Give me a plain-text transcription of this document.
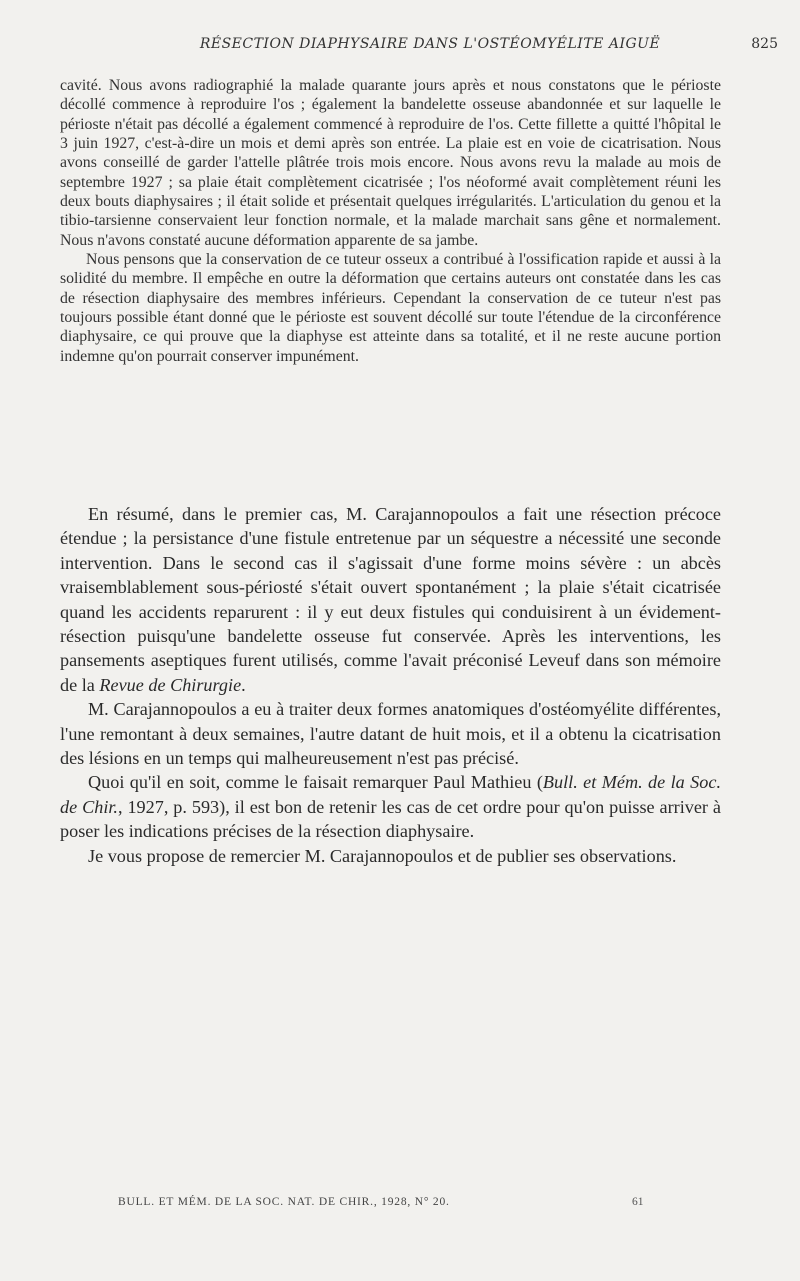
RÉSECTION DIAPHYSAIRE DANS L'OSTÉOMYÉLITE AIGUË	825

cavité. Nous avons radiographié la malade quarante jours après et nous constatons que le périoste décollé commence à reproduire l'os ; également la bandelette osseuse abandonnée et sur laquelle le périoste n'était pas décollé a également commencé à reproduire de l'os. Cette fillette a quitté l'hôpital le 3 juin 1927, c'est-à-dire un mois et demi après son entrée. La plaie est en voie de cicatrisation. Nous avons conseillé de garder l'attelle plâtrée trois mois encore. Nous avons revu la malade au mois de septembre 1927 ; sa plaie était complètement cicatrisée ; l'os néoformé avait complètement réuni les deux bouts diaphysaires ; il était solide et présentait quelques irrégularités. L'articulation du genou et la tibio-tarsienne conservaient leur fonction normale, et la malade marchait sans gêne et normalement. Nous n'avons constaté aucune déformation apparente de sa jambe.

Nous pensons que la conservation de ce tuteur osseux a contribué à l'ossification rapide et aussi à la solidité du membre. Il empêche en outre la déformation que certains auteurs ont constatée dans les cas de résection diaphysaire des membres inférieurs. Cependant la conservation de ce tuteur n'est pas toujours possible étant donné que le périoste est souvent décollé sur toute l'étendue de la circonférence diaphysaire, ce qui prouve que la diaphyse est atteinte dans sa totalité, et il ne reste aucune portion indemne qu'on pourrait conserver impunément.

En résumé, dans le premier cas, M. Carajannopoulos a fait une résection précoce étendue ; la persistance d'une fistule entretenue par un séquestre a nécessité une seconde intervention. Dans le second cas il s'agissait d'une forme moins sévère : un abcès vraisemblablement sous-périosté s'était ouvert spontanément ; la plaie s'était cicatrisée quand les accidents reparurent : il y eut deux fistules qui conduisirent à un évidement-résection puisqu'une bandelette osseuse fut conservée. Après les interventions, les pansements aseptiques furent utilisés, comme l'avait préconisé Leveuf dans son mémoire de la Revue de Chirurgie.

M. Carajannopoulos a eu à traiter deux formes anatomiques d'ostéomyélite différentes, l'une remontant à deux semaines, l'autre datant de huit mois, et il a obtenu la cicatrisation des lésions en un temps qui malheureusement n'est pas précisé.

Quoi qu'il en soit, comme le faisait remarquer Paul Mathieu (Bull. et Mém. de la Soc. de Chir., 1927, p. 593), il est bon de retenir les cas de cet ordre pour qu'on puisse arriver à poser les indications précises de la résection diaphysaire.

Je vous propose de remercier M. Carajannopoulos et de publier ses observations.

BULL. ET MÉM. DE LA SOC. NAT. DE CHIR., 1928, N° 20.	61
